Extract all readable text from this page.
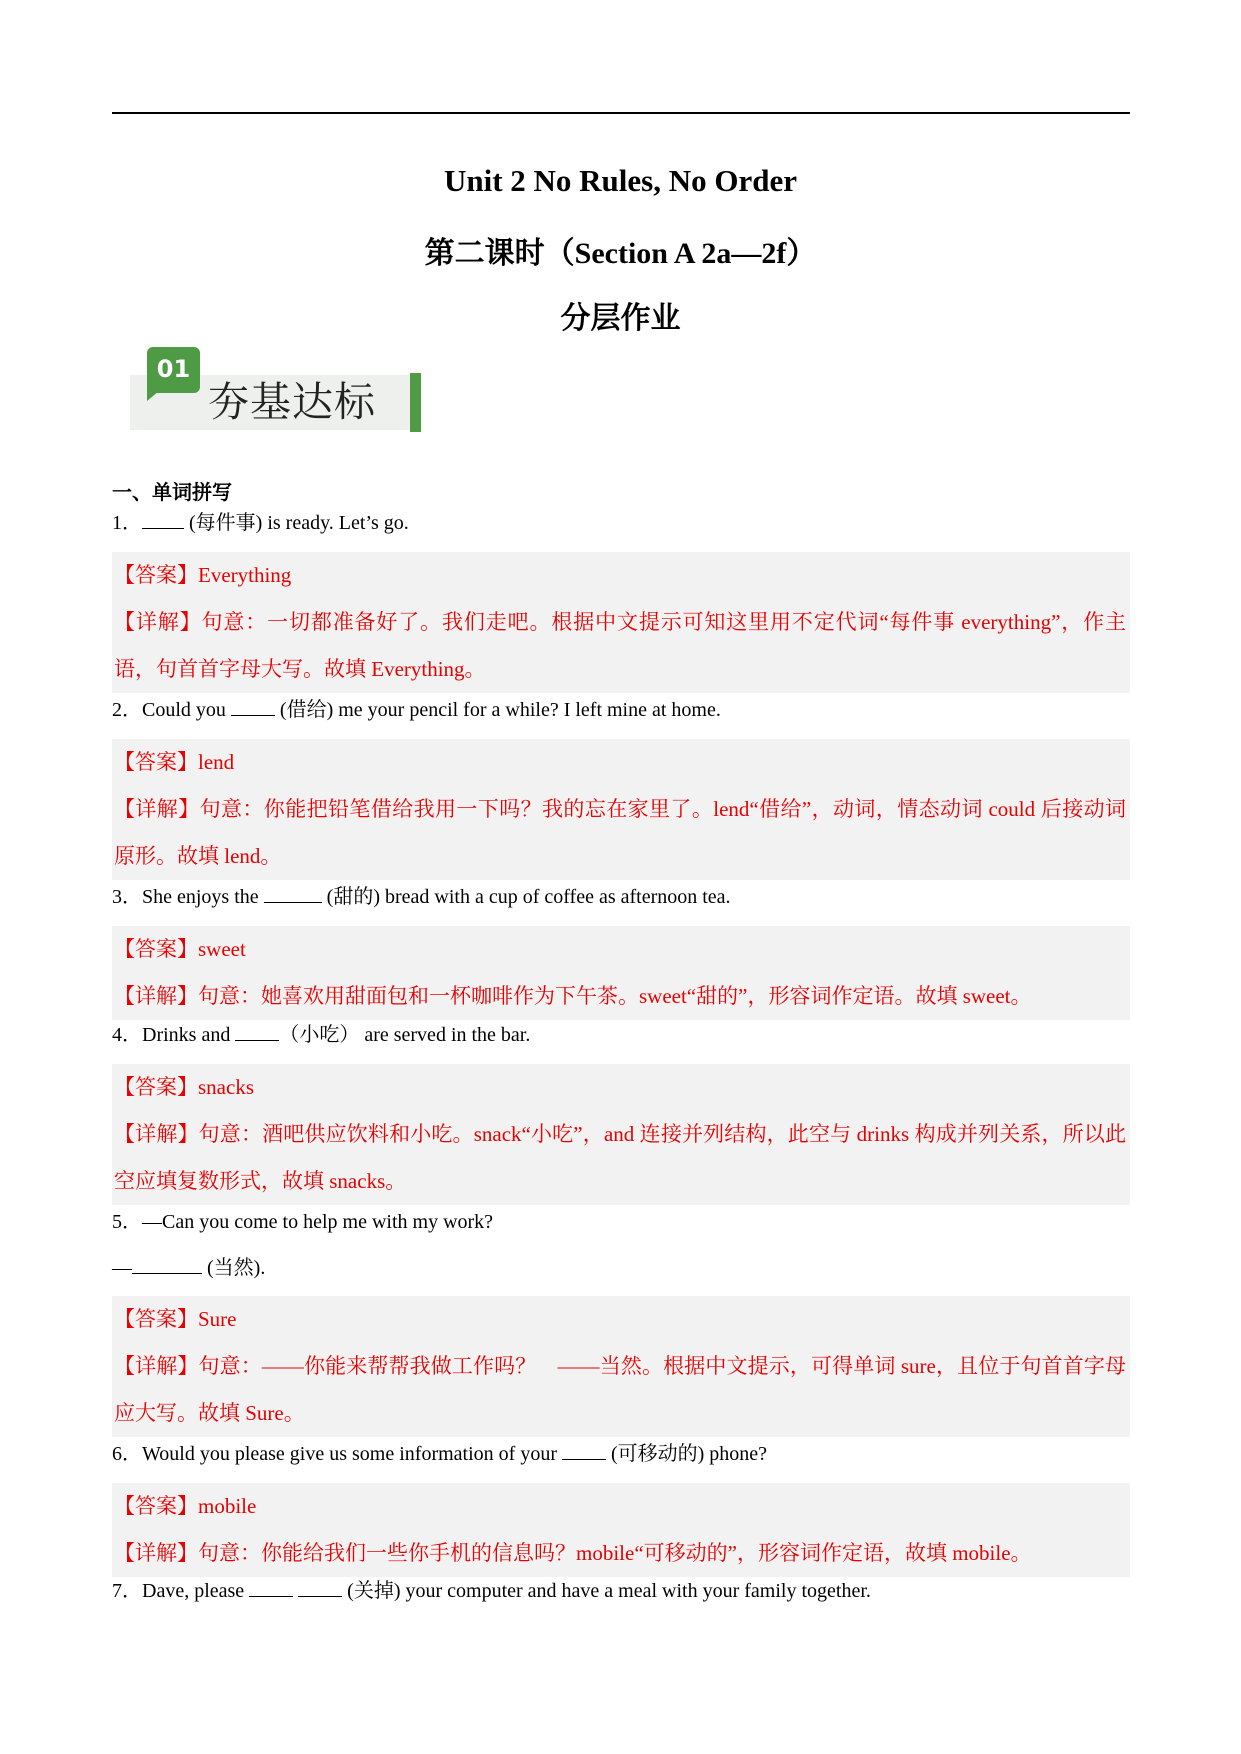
Unit 2 No Rules, No Order
第二课时（Section A 2a—2f）
分层作业
01
夯基达标
一、单词拼写
1． (每件事) is ready. Let’s go.
【答案】Everything
【详解】句意：一切都准备好了。我们走吧。根据中文提示可知这里用不定代词“每件事 everything”，作主语，句首首字母大写。故填 Everything。
2．Could you  (借给) me your pencil for a while? I left mine at home.
【答案】lend
【详解】句意：你能把铅笔借给我用一下吗？我的忘在家里了。lend“借给”，动词，情态动词 could 后接动词原形。故填 lend。
3．She enjoys the	(甜的) bread with a cup of coffee as afternoon tea.
【答案】sweet
【详解】句意：她喜欢用甜面包和一杯咖啡作为下午茶。sweet“甜的”，形容词作定语。故填 sweet。
4．Drinks and （小吃） are served in the bar.
【答案】snacks
【详解】句意：酒吧供应饮料和小吃。snack“小吃”，and 连接并列结构，此空与 drinks 构成并列关系，所以此空应填复数形式，故填 snacks。
5．—Can you come to help me with my work?
—	(当然).
【答案】Sure
【详解】句意：——你能来帮帮我做工作吗？　——当然。根据中文提示，可得单词 sure，且位于句首首字母应大写。故填 Sure。
6．Would you please give us some information of your  (可移动的) phone?
【答案】mobile
【详解】句意：你能给我们一些你手机的信息吗？mobile“可移动的”，形容词作定语，故填 mobile。
7．Dave, please	(关掉) your computer and have a meal with your family together.
